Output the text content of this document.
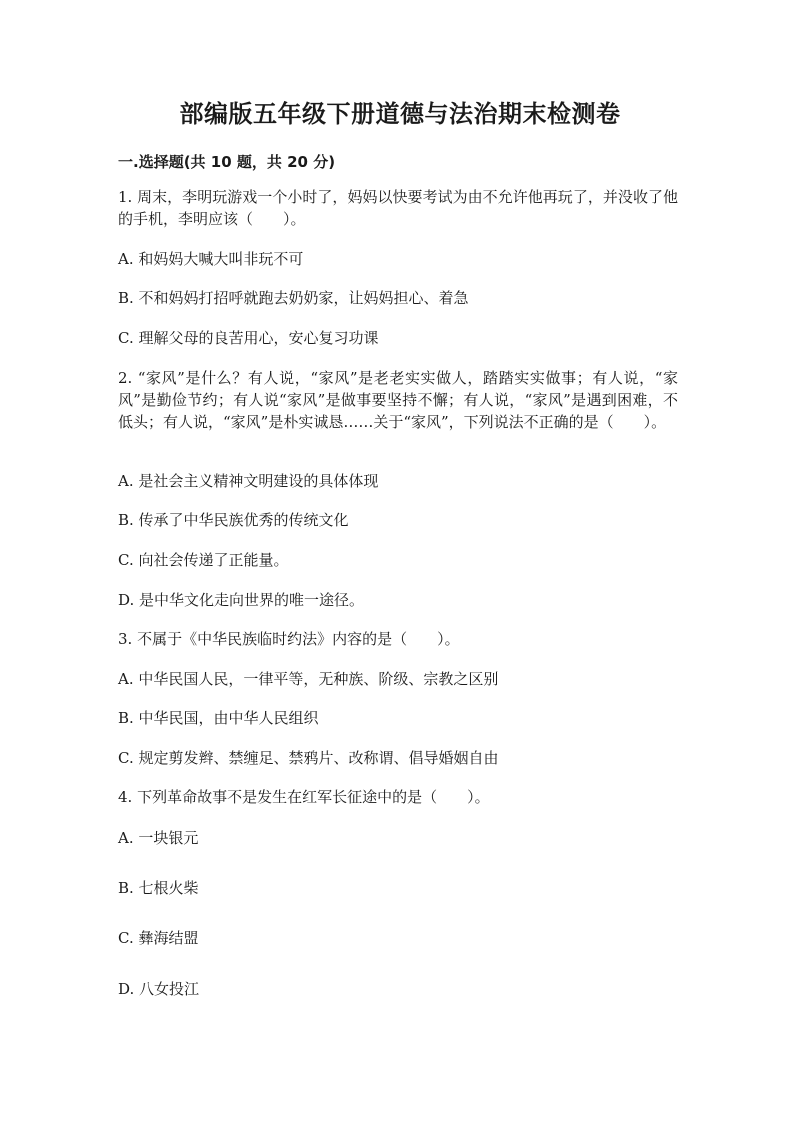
部编版五年级下册道德与法治期末检测卷
一.选择题(共 10 题，共 20 分)
1. 周末，李明玩游戏一个小时了，妈妈以快要考试为由不允许他再玩了，并没收了他的手机，李明应该（　　）。
A. 和妈妈大喊大叫非玩不可
B. 不和妈妈打招呼就跑去奶奶家，让妈妈担心、着急
C. 理解父母的良苦用心，安心复习功课
2. “家风”是什么？有人说，“家风”是老老实实做人，踏踏实实做事；有人说，“家风”是勤俭节约；有人说“家风”是做事要坚持不懈；有人说，“家风”是遇到困难，不低头；有人说，“家风”是朴实诚恳……关于“家风”，下列说法不正确的是（　　）。
A. 是社会主义精神文明建设的具体体现
B. 传承了中华民族优秀的传统文化
C. 向社会传递了正能量。
D. 是中华文化走向世界的唯一途径。
3. 不属于《中华民族临时约法》内容的是（　　）。
A. 中华民国人民，一律平等，无种族、阶级、宗教之区别
B. 中华民国，由中华人民组织
C. 规定剪发辫、禁缠足、禁鸦片、改称谓、倡导婚姻自由
4. 下列革命故事不是发生在红军长征途中的是（　　）。
A. 一块银元
B. 七根火柴
C. 彝海结盟
D. 八女投江
